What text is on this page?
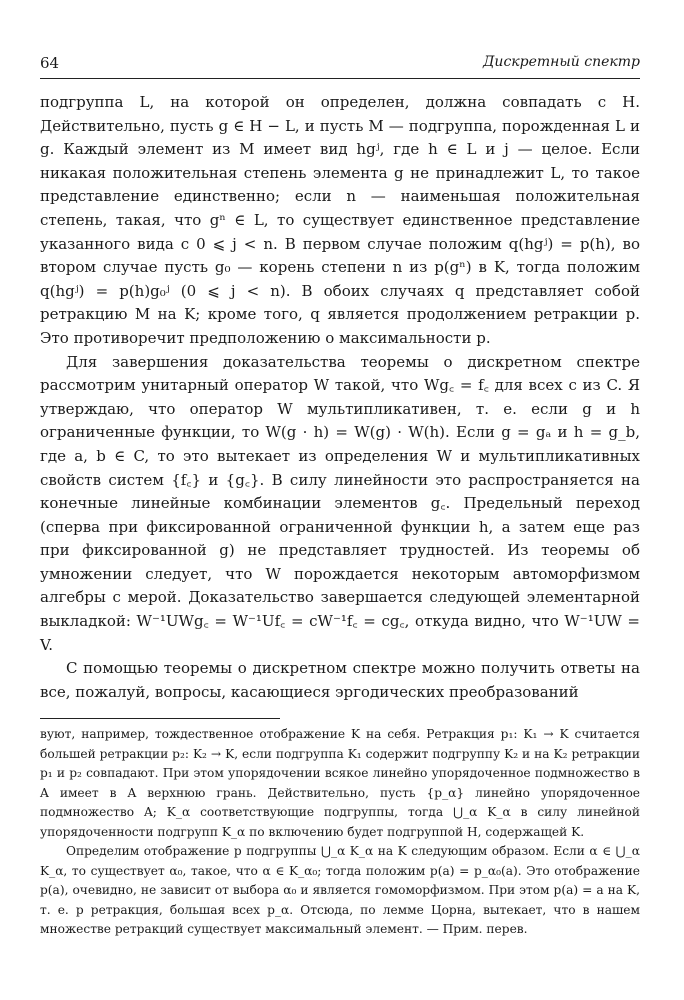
64	Дискретный спектр

подгруппа L, на которой он определен, должна совпадать с H. Действительно, пусть g ∈ H − L, и пусть M — подгруппа, порожденная L и g. Каждый элемент из M имеет вид hgʲ, где h ∈ L и j — целое. Если никакая положительная степень элемента g не принадлежит L, то такое представление единственно; если n — наименьшая положительная степень, такая, что gⁿ ∈ L, то существует единственное представление указанного вида с 0 ⩽ j < n. В первом случае положим q(hgʲ) = p(h), во втором случае пусть g₀ — корень степени n из p(gⁿ) в K, тогда положим q(hgʲ) = p(h)g₀ʲ (0 ⩽ j < n). В обоих случаях q представляет собой ретракцию M на K; кроме того, q является продолжением ретракции p. Это противоречит предположению о максимальности p.

Для завершения доказательства теоремы о дискретном спектре рассмотрим унитарный оператор W такой, что Wg꜀ = f꜀ для всех c из C. Я утверждаю, что оператор W мультипликативен, т. е. если g и h ограниченные функции, то W(g · h) = W(g) · W(h). Если g = gₐ и h = g_b, где a, b ∈ C, то это вытекает из определения W и мультипликативных свойств систем {f꜀} и {g꜀}. В силу линейности это распространяется на конечные линейные комбинации элементов g꜀. Предельный переход (сперва при фиксированной ограниченной функции h, а затем еще раз при фиксированной g) не представляет трудностей. Из теоремы об умножении следует, что W порождается некоторым автоморфизмом алгебры с мерой. Доказательство завершается следующей элементарной выкладкой: W⁻¹UWg꜀ = W⁻¹Uf꜀ = cW⁻¹f꜀ = cg꜀, откуда видно, что W⁻¹UW = V.

С помощью теоремы о дискретном спектре можно получить ответы на все, пожалуй, вопросы, касающиеся эргодических преобразований

вуют, например, тождественное отображение K на себя. Ретракция p₁: K₁ → K считается большей ретракции p₂: K₂ → K, если подгруппа K₁ содержит подгруппу K₂ и на K₂ ретракции p₁ и p₂ совпадают. При этом упорядочении всякое линейно упорядоченное подмножество в A имеет в A верхнюю грань. Действительно, пусть {p_α} линейно упорядоченное подмножество A; K_α соответствующие подгруппы, тогда ⋃_α K_α в силу линейной упорядоченности подгрупп K_α по включению будет подгруппой H, содержащей K.

Определим отображение p подгруппы ⋃_α K_α на K следующим образом. Если α ∈ ⋃_α K_α, то существует α₀, такое, что α ∈ K_α₀; тогда положим p(a) = p_α₀(a). Это отображение p(a), очевидно, не зависит от выбора α₀ и является гомоморфизмом. При этом p(a) = a на K, т. е. p ретракция, большая всех p_α. Отсюда, по лемме Цорна, вытекает, что в нашем множестве ретракций существует максимальный элемент. — Прим. перев.
